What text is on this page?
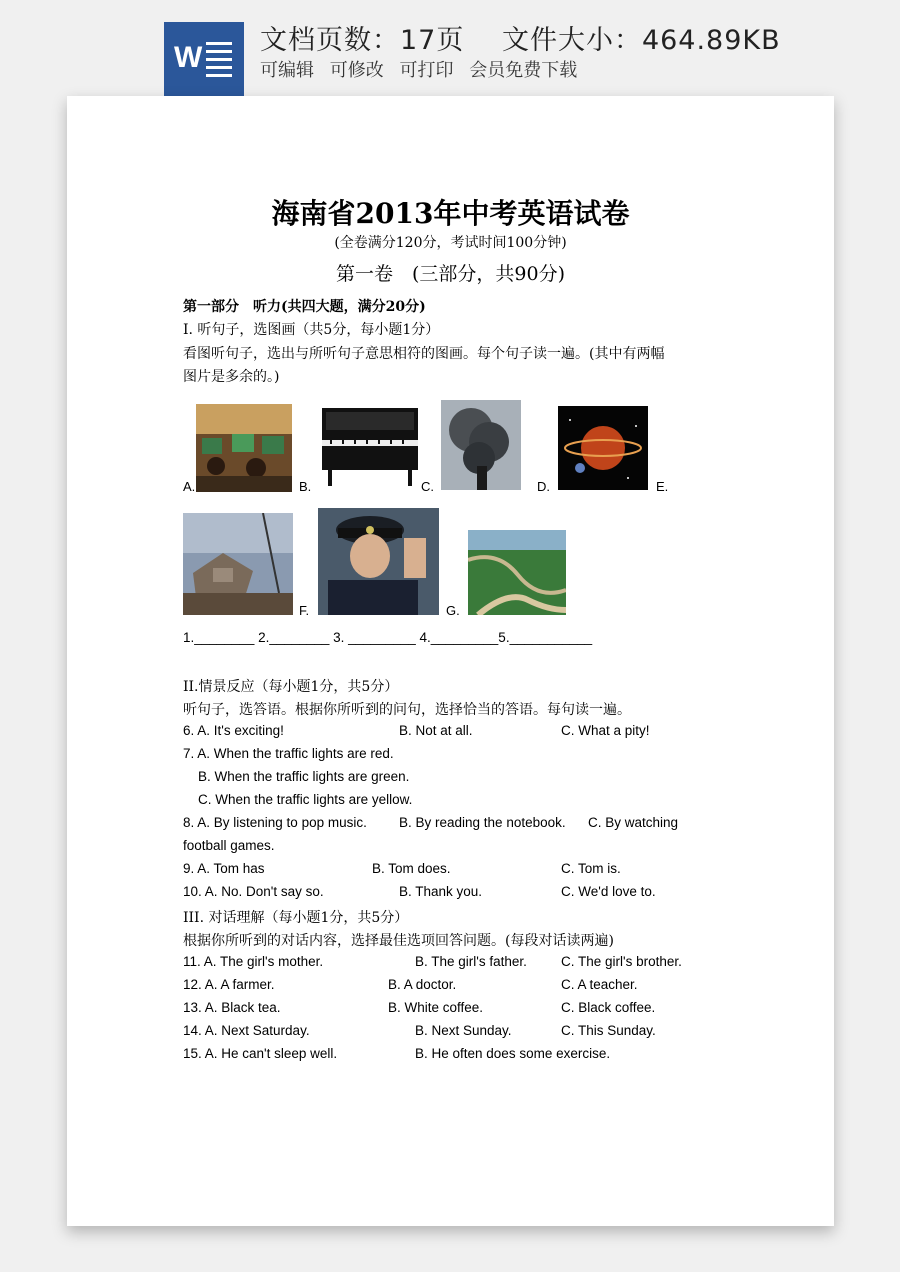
W
文档页数：17页　 文件大小：464.89KB
可编辑 可修改 可打印 会员免费下载
海南省2013年中考英语试卷
(全卷满分120分，考试时间100分钟)
第一卷　(三部分，共90分)
第一部分　听力(共四大题，满分20分)
I. 听句子，选图画（共5分，每小题1分）
看图听句子，选出与所听句子意思相符的图画。每个句子读一遍。(其中有两幅
图片是多余的。)
A.	B.	C.	D.	E.
F.	G.
1.________ 2.________ 3. _________ 4._________5.___________
II.情景反应（每小题1分，共5分）
听句子，选答语。根据你所听到的问句，选择恰当的答语。每句读一遍。
6. A. It's exciting!	B. Not at all.	C. What a pity!
7. A. When the traffic lights are red.
B. When the traffic lights are green.
C. When the traffic lights are yellow.
8. A. By listening to pop music. B. By reading the notebook. C. By watching
football games.
9. A. Tom has	B. Tom does.	C. Tom is.
10. A. No. Don't say so.	B. Thank you.	C. We'd love to.
III. 对话理解（每小题1分，共5分）
根据你所听到的对话内容，选择最佳选项回答问题。(每段对话读两遍)
11. A. The girl's mother.	B. The girl's father.	C. The girl's brother.
12. A. A farmer.	B. A doctor.	C. A teacher.
13. A. Black tea.	B. White coffee.	C. Black coffee.
14. A. Next Saturday.	B. Next Sunday.	C. This Sunday.
15. A. He can't sleep well.	B. He often does some exercise.
